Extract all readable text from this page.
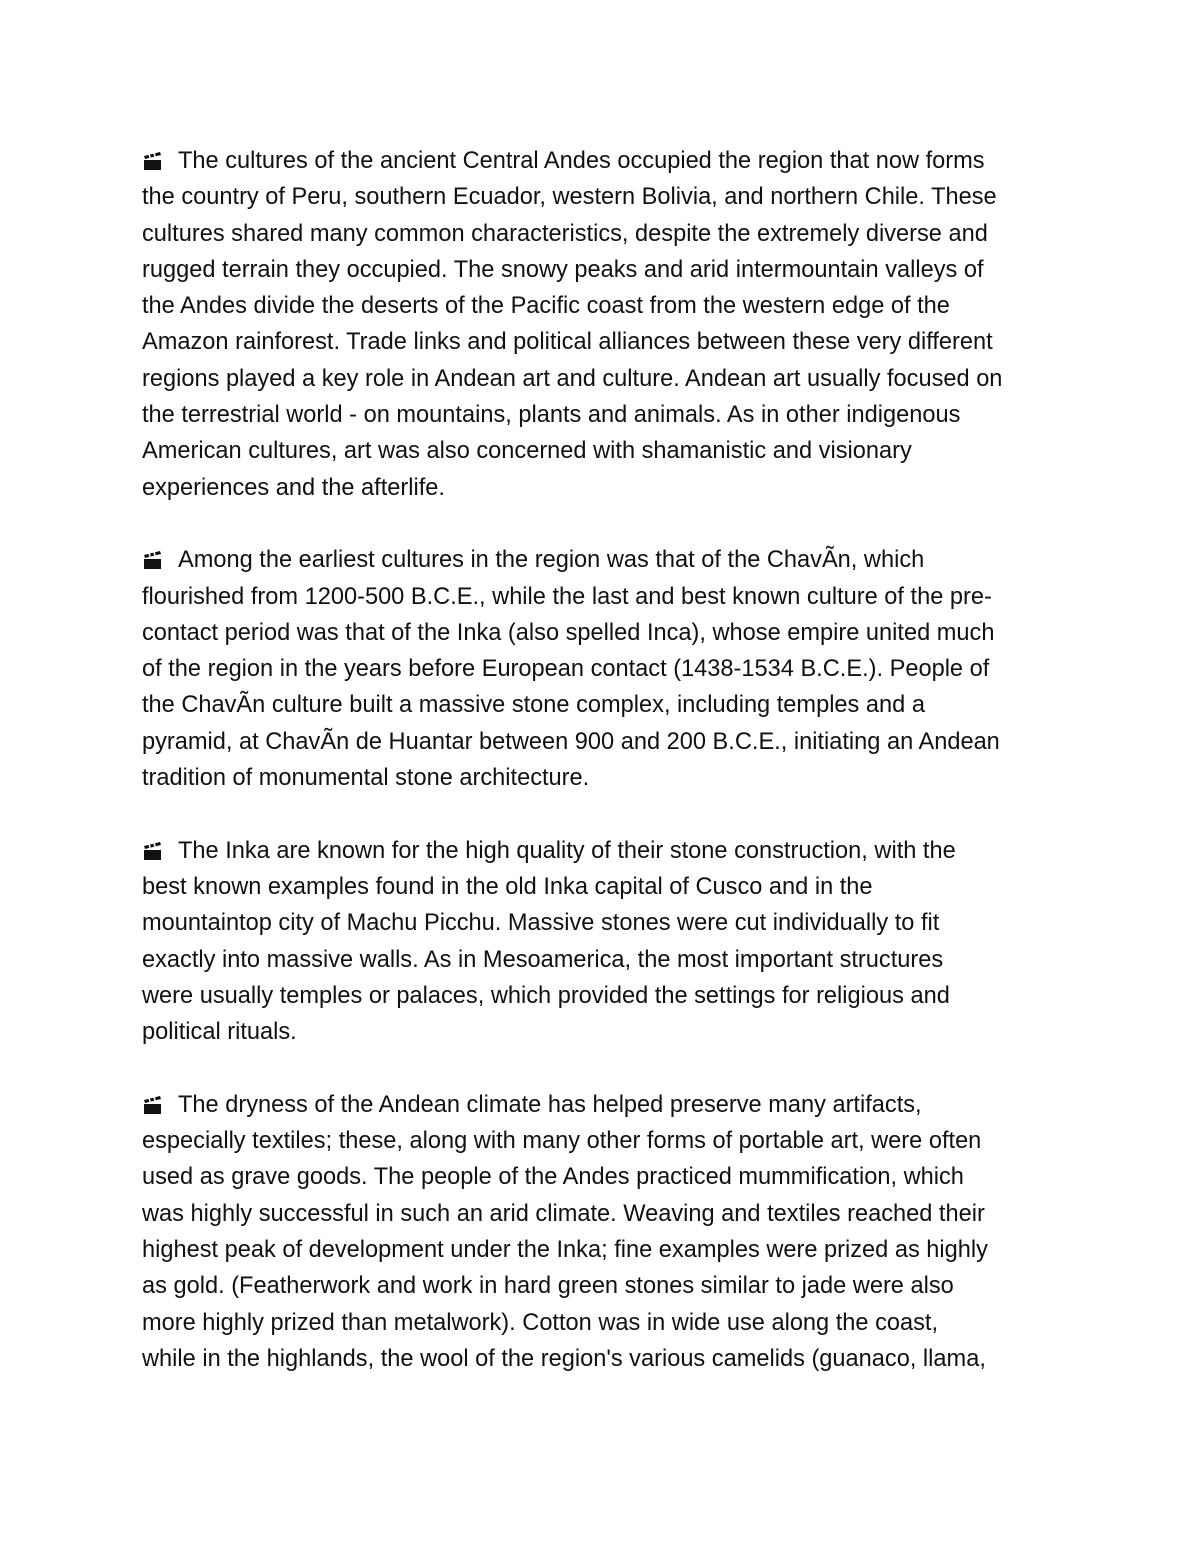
The cultures of the ancient Central Andes occupied the region that now forms
the country of Peru, southern Ecuador, western Bolivia, and northern Chile. These
cultures shared many common characteristics, despite the extremely diverse and
rugged terrain they occupied. The snowy peaks and arid intermountain valleys of
the Andes divide the deserts of the Pacific coast from the western edge of the
Amazon rainforest. Trade links and political alliances between these very different
regions played a key role in Andean art and culture. Andean art usually focused on
the terrestrial world - on mountains, plants and animals. As in other indigenous
American cultures, art was also concerned with shamanistic and visionary
experiences and the afterlife.
Among the earliest cultures in the region was that of the ChavÃn, which
flourished from 1200-500 B.C.E., while the last and best known culture of the pre-
contact period was that of the Inka (also spelled Inca), whose empire united much
of the region in the years before European contact (1438-1534 B.C.E.). People of
the ChavÃn culture built a massive stone complex, including temples and a
pyramid, at ChavÃn de Huantar between 900 and 200 B.C.E., initiating an Andean
tradition of monumental stone architecture.
The Inka are known for the high quality of their stone construction, with the
best known examples found in the old Inka capital of Cusco and in the
mountaintop city of Machu Picchu. Massive stones were cut individually to fit
exactly into massive walls. As in Mesoamerica, the most important structures
were usually temples or palaces, which provided the settings for religious and
political rituals.
The dryness of the Andean climate has helped preserve many artifacts,
especially textiles; these, along with many other forms of portable art, were often
used as grave goods. The people of the Andes practiced mummification, which
was highly successful in such an arid climate. Weaving and textiles reached their
highest peak of development under the Inka; fine examples were prized as highly
as gold. (Featherwork and work in hard green stones similar to jade were also
more highly prized than metalwork). Cotton was in wide use along the coast,
while in the highlands, the wool of the region's various camelids (guanaco, llama,
